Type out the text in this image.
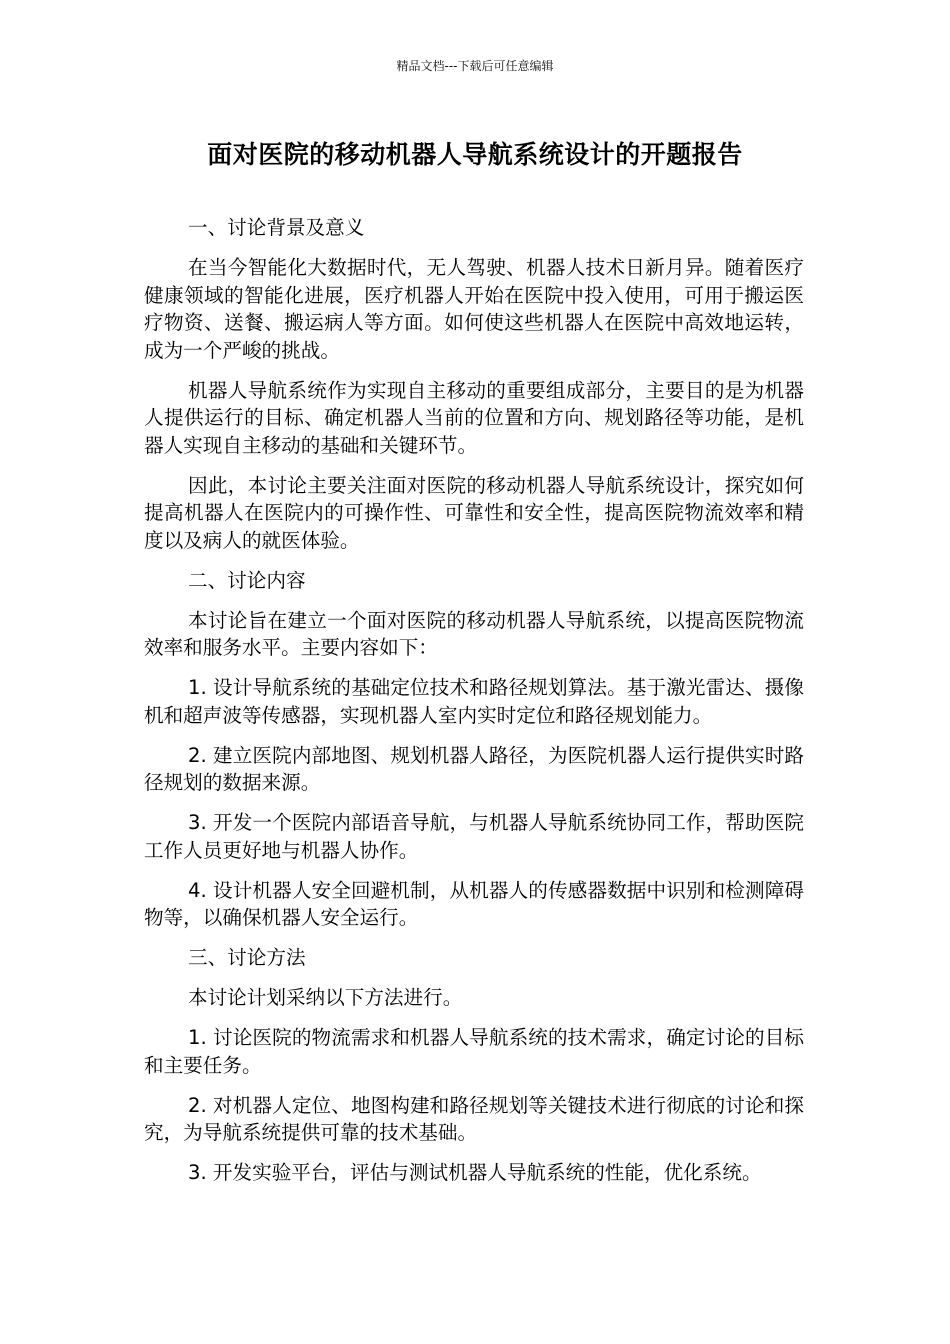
精品文档---下载后可任意编辑
面对医院的移动机器人导航系统设计的开题报告

一、讨论背景及意义

在当今智能化大数据时代，无人驾驶、机器人技术日新月异。随着医疗健康领域的智能化进展，医疗机器人开始在医院中投入使用，可用于搬运医疗物资、送餐、搬运病人等方面。如何使这些机器人在医院中高效地运转，成为一个严峻的挑战。

机器人导航系统作为实现自主移动的重要组成部分，主要目的是为机器人提供运行的目标、确定机器人当前的位置和方向、规划路径等功能，是机器人实现自主移动的基础和关键环节。

因此，本讨论主要关注面对医院的移动机器人导航系统设计，探究如何提高机器人在医院内的可操作性、可靠性和安全性，提高医院物流效率和精度以及病人的就医体验。

二、讨论内容

本讨论旨在建立一个面对医院的移动机器人导航系统，以提高医院物流效率和服务水平。主要内容如下：

1. 设计导航系统的基础定位技术和路径规划算法。基于激光雷达、摄像机和超声波等传感器，实现机器人室内实时定位和路径规划能力。

2. 建立医院内部地图、规划机器人路径，为医院机器人运行提供实时路径规划的数据来源。

3. 开发一个医院内部语音导航，与机器人导航系统协同工作，帮助医院工作人员更好地与机器人协作。

4. 设计机器人安全回避机制，从机器人的传感器数据中识别和检测障碍物等，以确保机器人安全运行。

三、讨论方法

本讨论计划采纳以下方法进行。

1. 讨论医院的物流需求和机器人导航系统的技术需求，确定讨论的目标和主要任务。

2. 对机器人定位、地图构建和路径规划等关键技术进行彻底的讨论和探究，为导航系统提供可靠的技术基础。

3. 开发实验平台，评估与测试机器人导航系统的性能，优化系统。
